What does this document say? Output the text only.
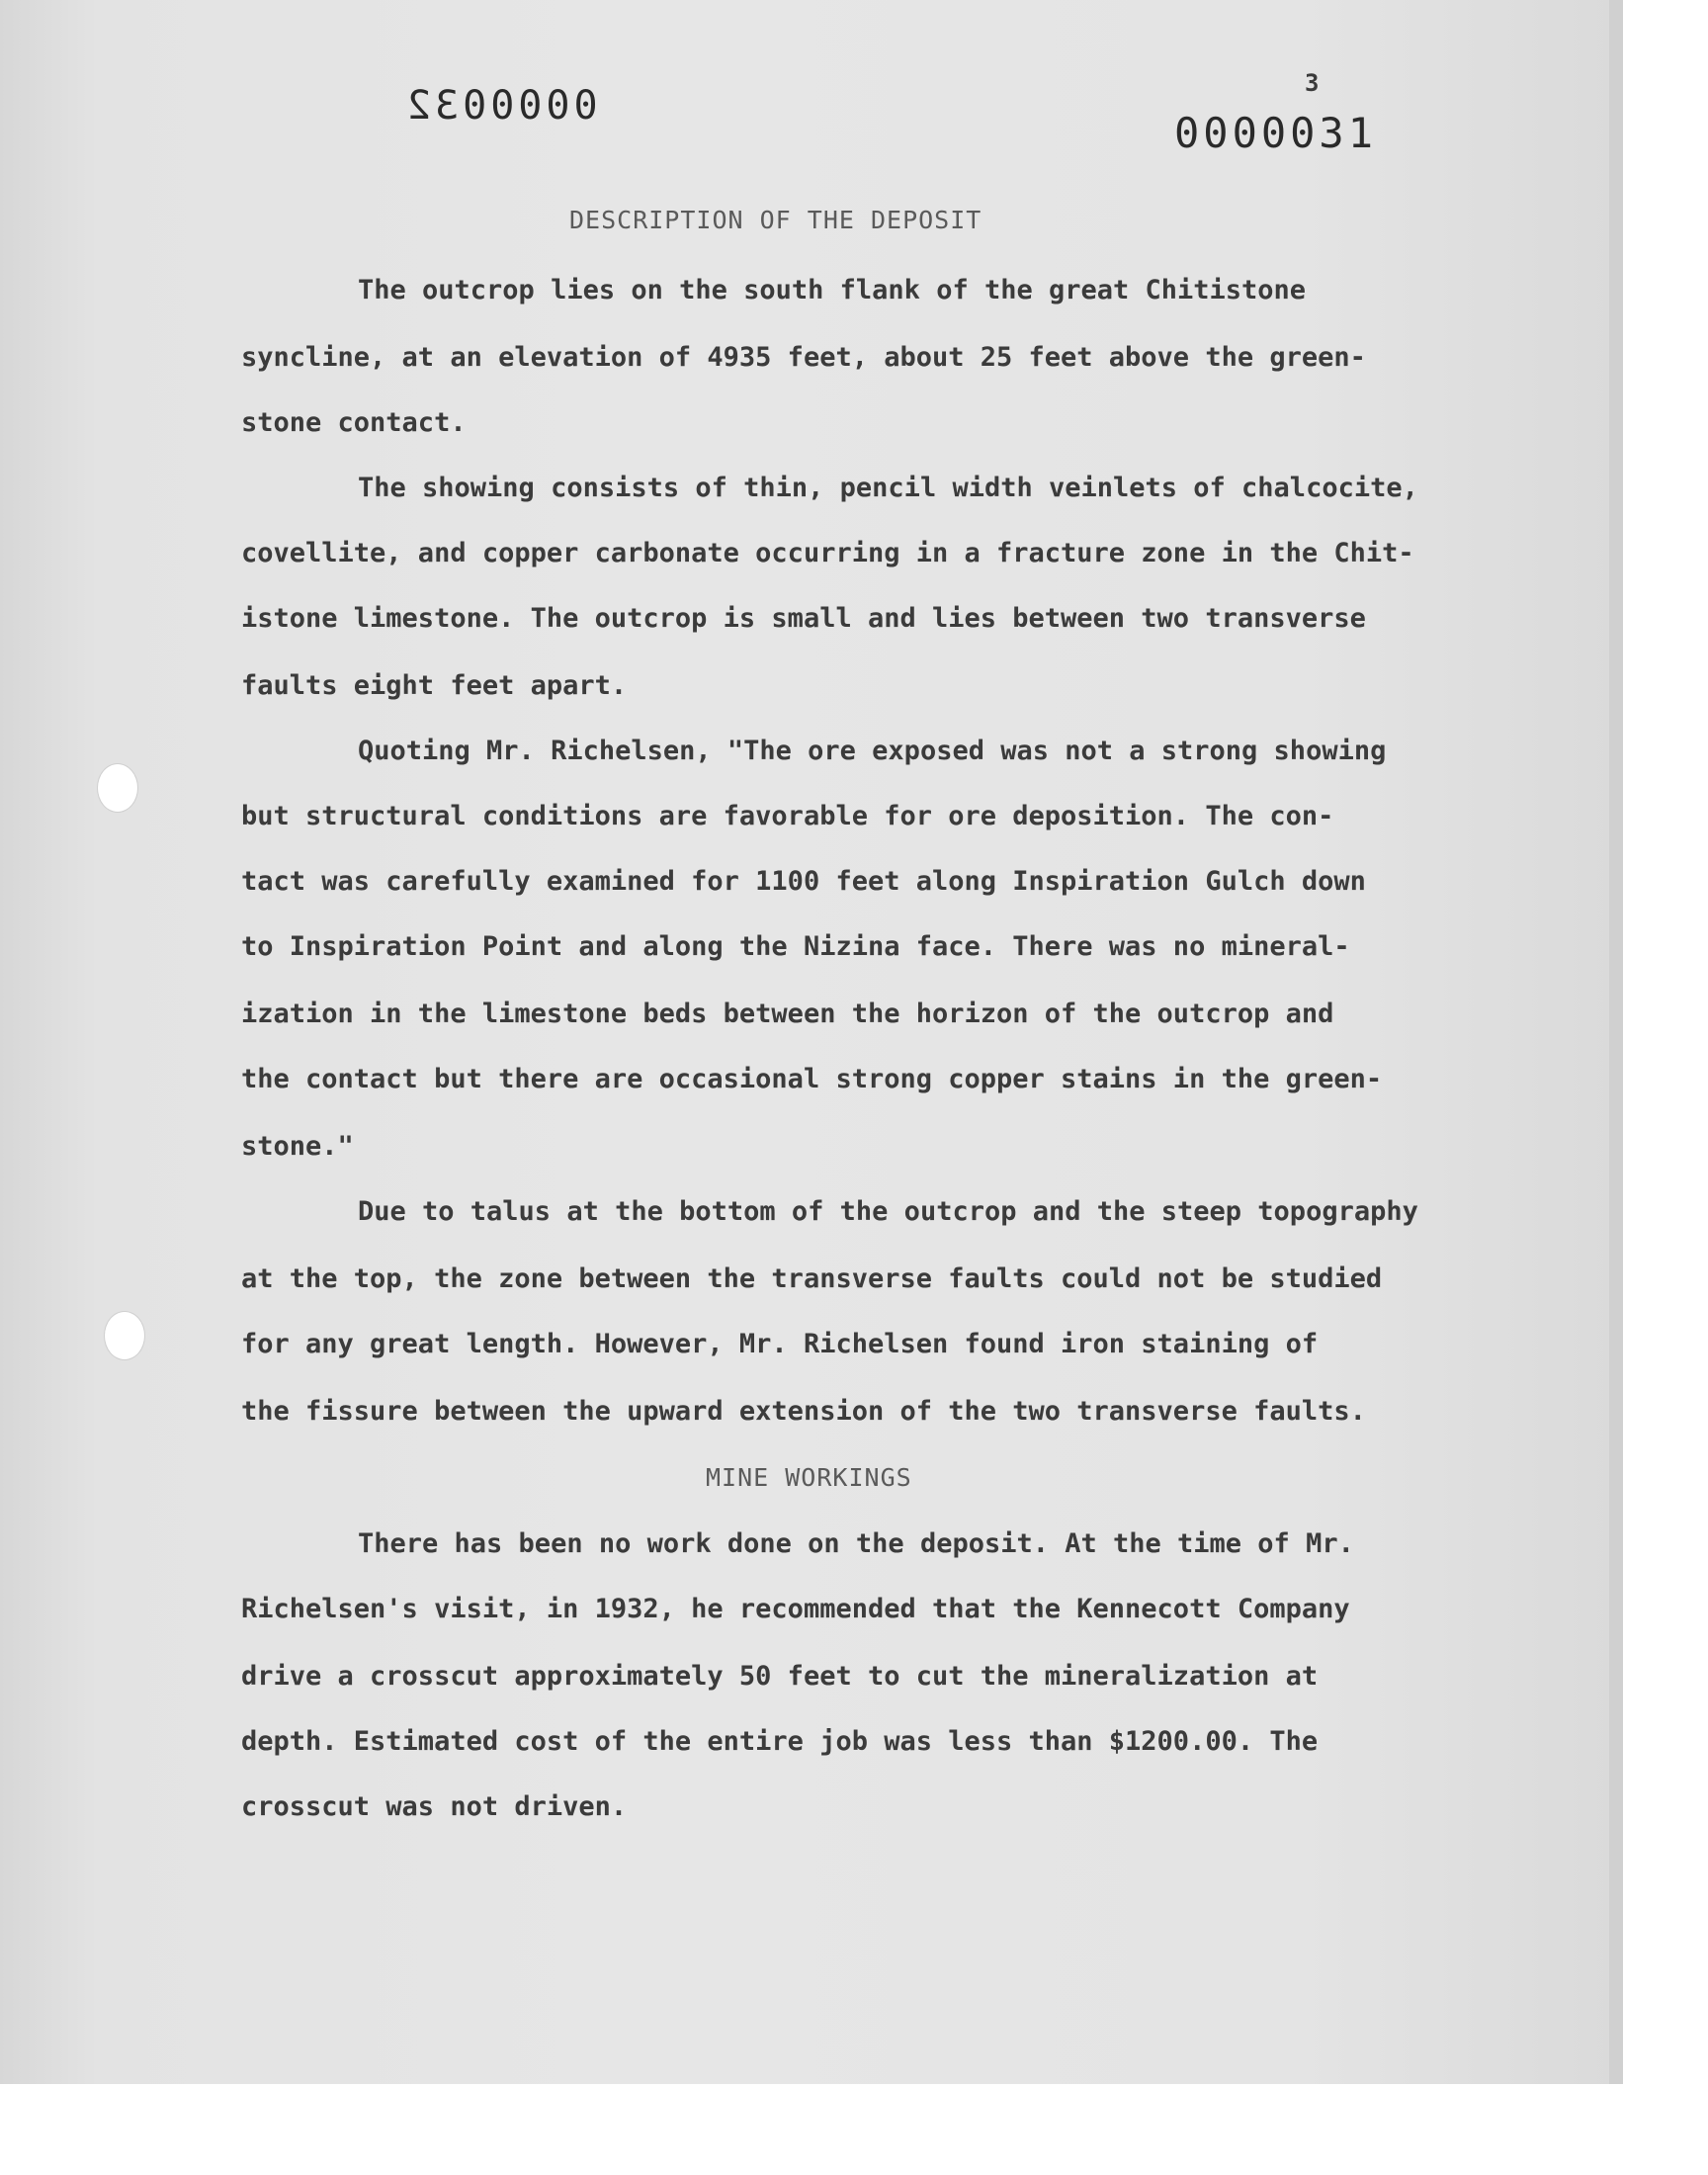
0000032	3
0000031
DESCRIPTION OF THE DEPOSIT
The outcrop lies on the south flank of the great Chitistone
syncline, at an elevation of 4935 feet, about 25 feet above the green-
stone contact.
The showing consists of thin, pencil width veinlets of chalcocite,
covellite, and copper carbonate occurring in a fracture zone in the Chit-
istone limestone. The outcrop is small and lies between two transverse
faults eight feet apart.
Quoting Mr. Richelsen, "The ore exposed was not a strong showing
but structural conditions are favorable for ore deposition. The con-
tact was carefully examined for 1100 feet along Inspiration Gulch down
to Inspiration Point and along the Nizina face. There was no mineral-
ization in the limestone beds between the horizon of the outcrop and
the contact but there are occasional strong copper stains in the green-
stone."
Due to talus at the bottom of the outcrop and the steep topography
at the top, the zone between the transverse faults could not be studied
for any great length. However, Mr. Richelsen found iron staining of
the fissure between the upward extension of the two transverse faults.
MINE WORKINGS
There has been no work done on the deposit. At the time of Mr.
Richelsen's visit, in 1932, he recommended that the Kennecott Company
drive a crosscut approximately 50 feet to cut the mineralization at
depth. Estimated cost of the entire job was less than $1200.00. The
crosscut was not driven.
